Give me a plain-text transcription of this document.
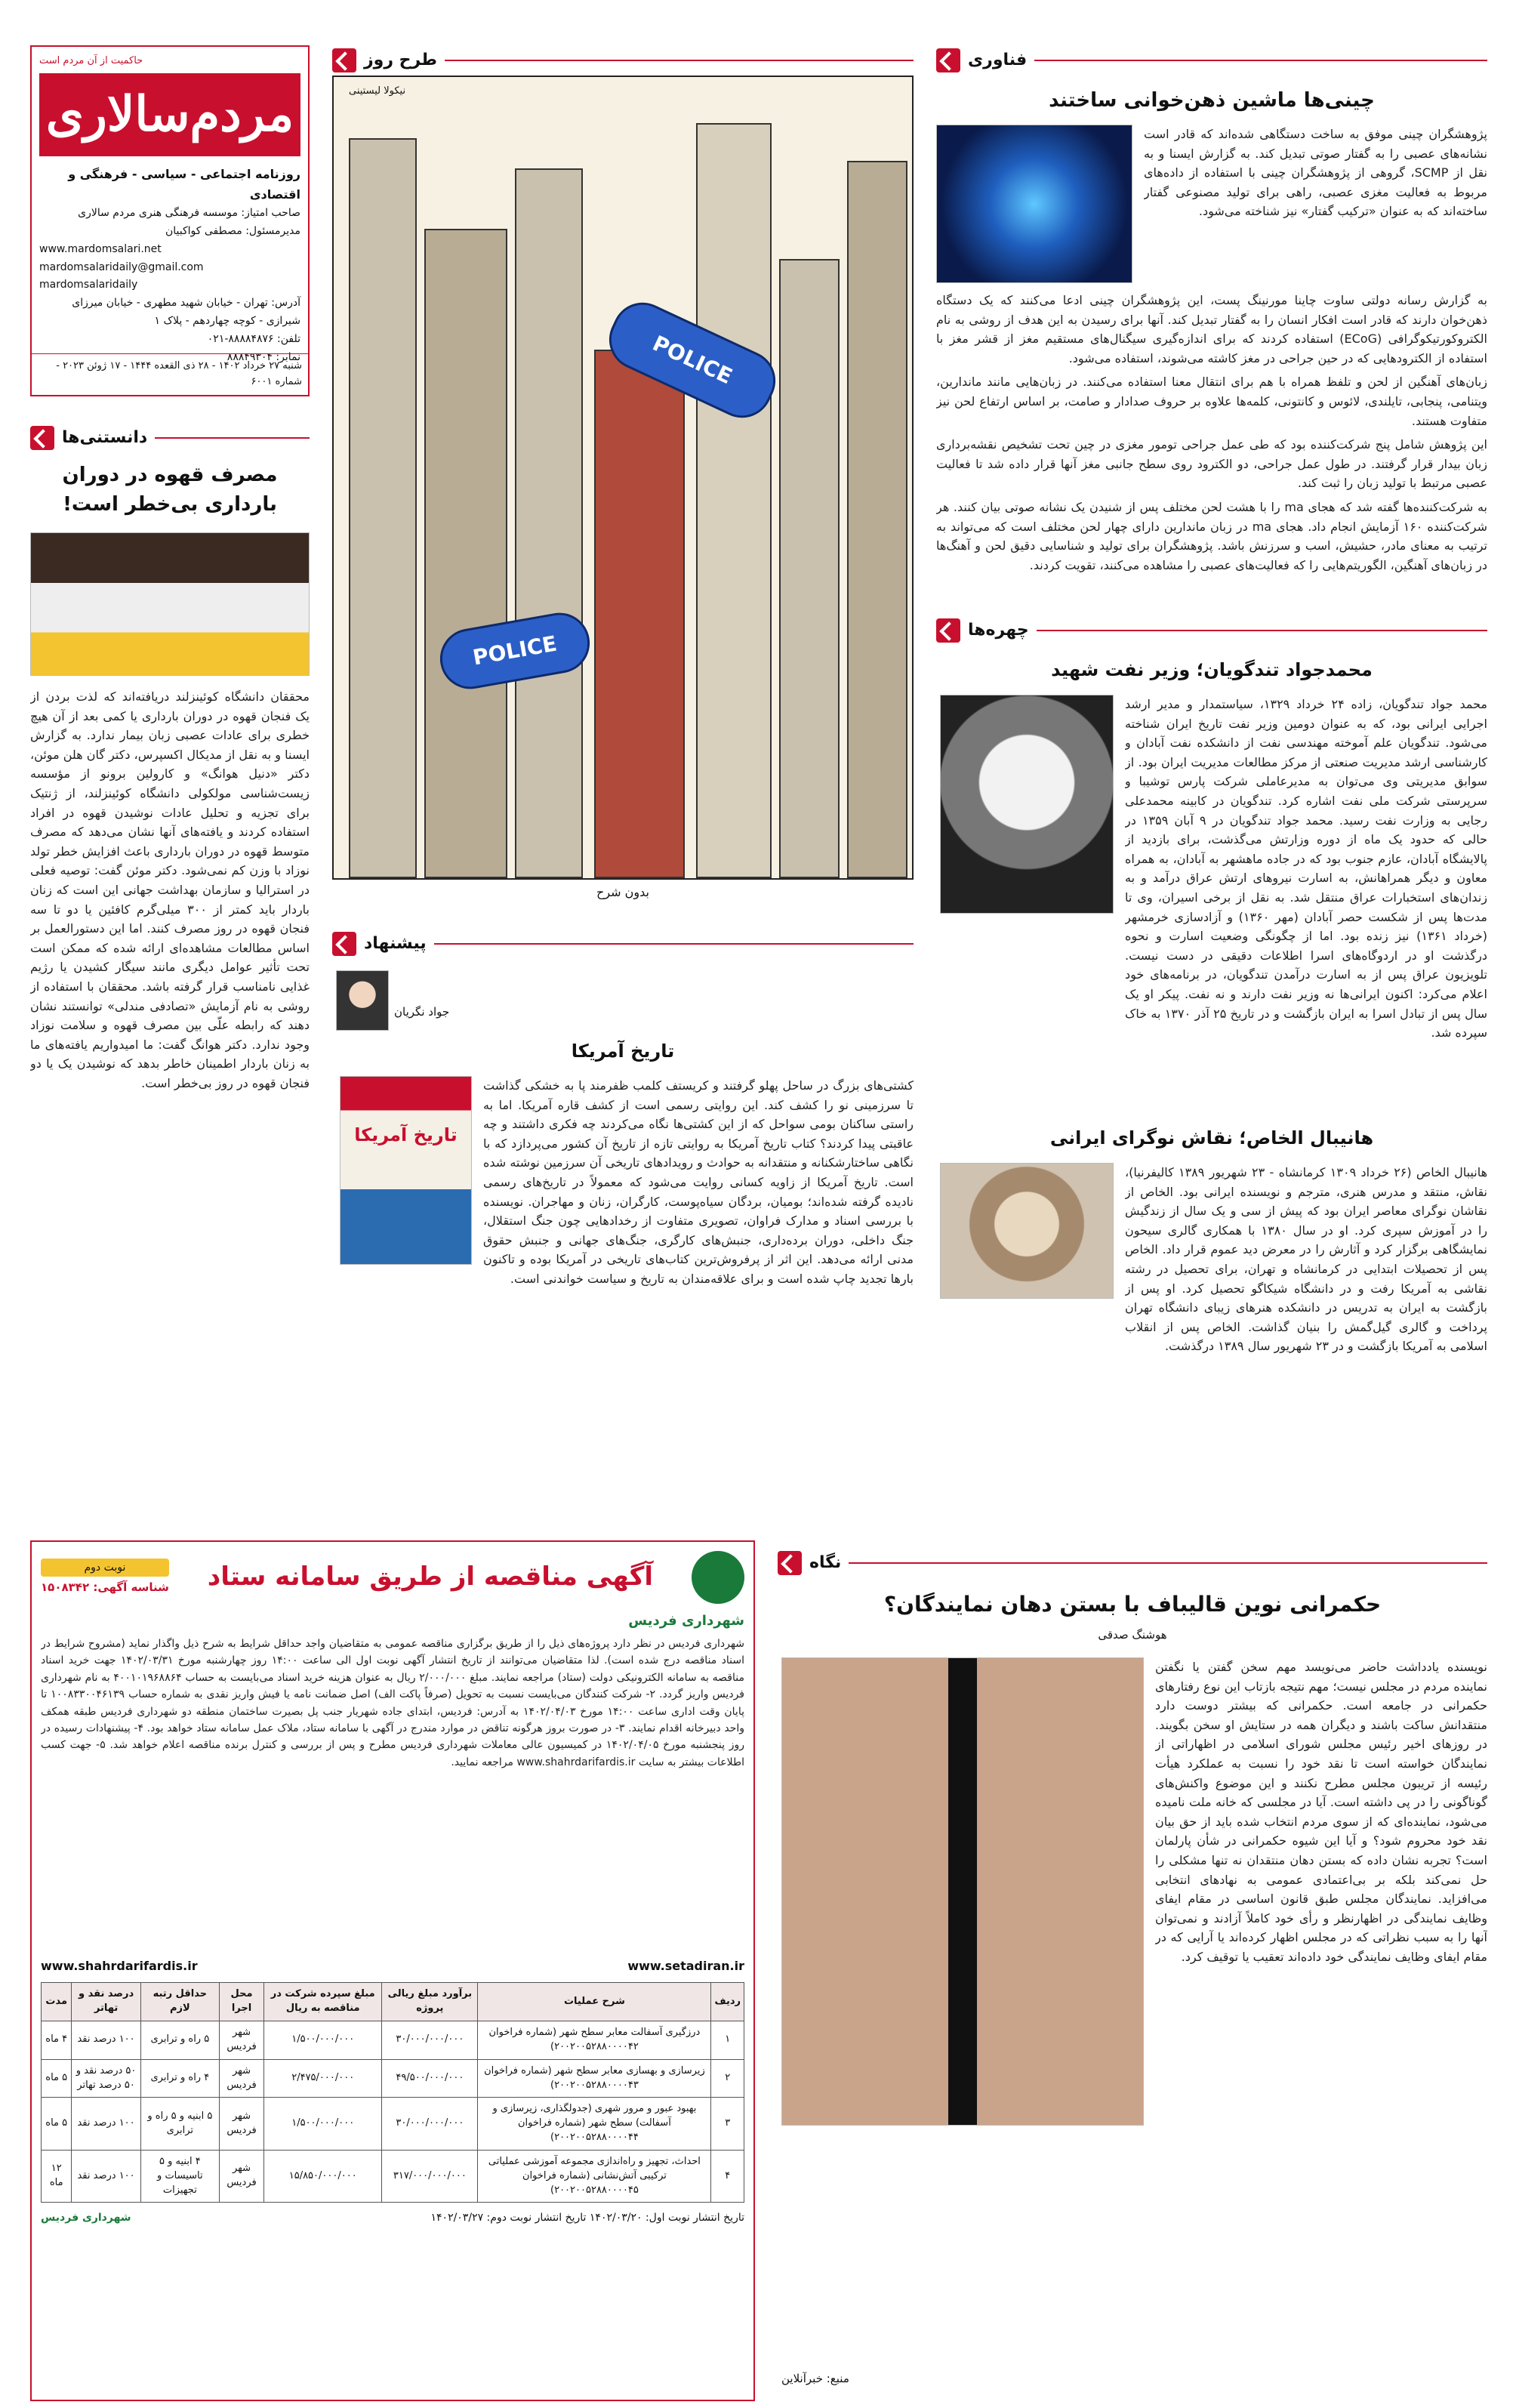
حاکمیت از آن مردم است
مردم‌سالاری
روزنامه اجتماعی - سیاسی - فرهنگی و اقتصادی
صاحب امتیاز: موسسه فرهنگی هنری مردم سالاری
مدیرمسئول: مصطفی کواکبیان
www.mardomsalari.net
mardomsalaridaily@gmail.com
mardomsalaridaily
آدرس: تهران - خیابان شهید مطهری - خیابان میرزای شیرازی - کوچه چهاردهم - پلاک ۱
تلفن: ۸۸۸۸۴۸۷۶-۰۲۱
نمابر: ۸۸۸۴۹۳۰۴
شنبه ۲۷ خرداد ۱۴۰۲ - ۲۸ ذی القعده ۱۴۴۴ - ۱۷ ژوئن ۲۰۲۳ - شماره ۶۰۰۱
دانستنی‌ها
مصرف قهوه در دوران بارداری بی‌خطر است!
محققان دانشگاه کوئینزلند دریافته‌اند که لذت بردن از یک فنجان قهوه در دوران بارداری یا کمی بعد از آن هیچ خطری برای عادات عصبی زبان بیمار ندارد. به گزارش ایسنا و به نقل از مدیکال اکسپرس، دکتر گان هلن موئن، دکتر «دنیل هوانگ» و کارولین برونو از مؤسسه زیست‌شناسی مولکولی دانشگاه کوئینزلند، از ژنتیک برای تجزیه و تحلیل عادات نوشیدن قهوه در افراد استفاده کردند و یافته‌های آنها نشان می‌دهد که مصرف متوسط قهوه در دوران بارداری باعث افزایش خطر تولد نوزاد با وزن کم نمی‌شود. دکتر موئن گفت: توصیه فعلی در استرالیا و سازمان بهداشت جهانی این است که زنان باردار باید کمتر از ۳۰۰ میلی‌گرم کافئین یا دو تا سه فنجان قهوه در روز مصرف کنند. اما این دستورالعمل بر اساس مطالعات مشاهده‌ای ارائه شده که ممکن است تحت تأثیر عوامل دیگری مانند سیگار کشیدن یا رژیم غذایی نامناسب قرار گرفته باشد. محققان با استفاده از روشی به نام آزمایش «تصادفی مندلی» توانستند نشان دهند که رابطه علّی بین مصرف قهوه و سلامت نوزاد وجود ندارد. دکتر هوانگ گفت: ما امیدواریم یافته‌های ما به زنان باردار اطمینان خاطر بدهد که نوشیدن یک یا دو فنجان قهوه در روز بی‌خطر است.
طرح روز
نیکولا لیستینی
POLICE
POLICE
بدون شرح
پیشنهاد
جواد نگریان
تاریخ آمریکا
تاریخ آمریکا
کشتی‌های بزرگ در ساحل پهلو گرفتند و کریستف کلمب ظفرمند پا به خشکی گذاشت تا سرزمینی نو را کشف کند. این روایتی رسمی است از کشف قاره آمریکا. اما به راستی ساکنان بومی سواحل که از این کشتی‌ها نگاه می‌کردند چه فکری داشتند و چه عاقبتی پیدا کردند؟ کتاب تاریخ آمریکا به روایتی تازه از تاریخ آن کشور می‌پردازد که با نگاهی ساختارشکنانه و منتقدانه به حوادث و رویدادهای تاریخی آن سرزمین نوشته شده است. تاریخ آمریکا از زاویه کسانی روایت می‌شود که معمولاً در تاریخ‌های رسمی نادیده گرفته شده‌اند؛ بومیان، بردگان سیاه‌پوست، کارگران، زنان و مهاجران. نویسنده با بررسی اسناد و مدارک فراوان، تصویری متفاوت از رخدادهایی چون جنگ استقلال، جنگ داخلی، دوران برده‌داری، جنبش‌های کارگری، جنگ‌های جهانی و جنبش حقوق مدنی ارائه می‌دهد. این اثر از پرفروش‌ترین کتاب‌های تاریخی در آمریکا بوده و تاکنون بارها تجدید چاپ شده است و برای علاقه‌مندان به تاریخ و سیاست خواندنی است.
فناوری
چینی‌ها ماشین ذهن‌خوانی ساختند
پژوهشگران چینی موفق به ساخت دستگاهی شده‌اند که قادر است نشانه‌های عصبی را به گفتار صوتی تبدیل کند. به گزارش ایسنا و به نقل از SCMP، گروهی از پژوهشگران چینی با استفاده از داده‌های مربوط به فعالیت مغزی عصبی، راهی برای تولید مصنوعی گفتار ساخته‌اند که به عنوان «ترکیب گفتار» نیز شناخته می‌شود.

به گزارش رسانه دولتی ساوت چاینا مورنینگ پست، این پژوهشگران چینی ادعا می‌کنند که یک دستگاه ذهن‌خوان دارند که قادر است افکار انسان را به گفتار تبدیل کند. آنها برای رسیدن به این هدف از روشی به نام الکتروکورتیکوگرافی (ECoG) استفاده کردند که برای اندازه‌گیری سیگنال‌های مستقیم مغز از قشر مغز با استفاده از الکترودهایی که در حین جراحی در مغز کاشته می‌شوند، استفاده می‌شود.

زبان‌های آهنگین از لحن و تلفظ همراه با هم برای انتقال معنا استفاده می‌کنند. در زبان‌هایی مانند ماندارین، ویتنامی، پنجابی، تایلندی، لائوس و کانتونی، کلمه‌ها علاوه بر حروف صدادار و صامت، بر اساس ارتفاع لحن نیز متفاوت هستند.

این پژوهش شامل پنج شرکت‌کننده بود که طی عمل جراحی تومور مغزی در چین تحت تشخیص نقشه‌برداری زبان بیدار قرار گرفتند. در طول عمل جراحی، دو الکترود روی سطح جانبی مغز آنها قرار داده شد تا فعالیت عصبی مرتبط با تولید زبان را ثبت کند.

به شرکت‌کننده‌ها گفته شد که هجای ma را با هشت لحن مختلف پس از شنیدن یک نشانه صوتی بیان کنند. هر شرکت‌کننده ۱۶۰ آزمایش انجام داد. هجای ma در زبان ماندارین دارای چهار لحن مختلف است که می‌تواند به ترتیب به معنای مادر، حشیش، اسب و سرزنش باشد. پژوهشگران برای تولید و شناسایی دقیق لحن و آهنگ‌ها در زبان‌های آهنگین، الگوریتم‌هایی را که فعالیت‌های عصبی را مشاهده می‌کنند، تقویت کردند.

چهره‌ها
محمدجواد تندگویان؛ وزیر نفت شهید
محمد جواد تندگویان، زاده ۲۴ خرداد ۱۳۲۹، سیاستمدار و مدیر ارشد اجرایی ایرانی بود، که به عنوان دومین وزیر نفت تاریخ ایران شناخته می‌شود. تندگویان علم آموخته مهندسی نفت از دانشکده نفت آبادان و کارشناسی ارشد مدیریت صنعتی از مرکز مطالعات مدیریت ایران بود. از سوابق مدیریتی وی می‌توان به مدیرعاملی شرکت پارس توشیبا و سرپرستی شرکت ملی نفت اشاره کرد. تندگویان در کابینه محمدعلی رجایی به وزارت نفت رسید. محمد جواد تندگویان در ۹ آبان ۱۳۵۹ در حالی که حدود یک ماه از دوره وزارتش می‌گذشت، برای بازدید از پالایشگاه آبادان، عازم جنوب بود که در جاده ماهشهر به آبادان، به همراه معاون و دیگر همراهانش، به اسارت نیروهای ارتش عراق درآمد و به زندان‌های استخبارات عراق منتقل شد. به نقل از برخی اسیران، وی تا مدت‌ها پس از شکست حصر آبادان (مهر ۱۳۶۰) و آزادسازی خرمشهر (خرداد ۱۳۶۱) نیز زنده بود. اما از چگونگی وضعیت اسارت و نحوه درگذشت او در اردوگاه‌های اسرا اطلاعات دقیقی در دست نیست. تلویزیون عراق پس از به اسارت درآمدن تندگویان، در برنامه‌های خود اعلام می‌کرد: اکنون ایرانی‌ها نه وزیر نفت دارند و نه نفت. پیکر او یک سال پس از تبادل اسرا به ایران بازگشت و در تاریخ ۲۵ آذر ۱۳۷۰ به خاک سپرده شد.
هانیبال الخاص؛ نقاش نوگرای ایرانی
هانیبال الخاص (۲۶ خرداد ۱۳۰۹ کرمانشاه - ۲۳ شهریور ۱۳۸۹ کالیفرنیا)، نقاش، منتقد و مدرس هنری، مترجم و نویسنده ایرانی بود. الخاص از نقاشان نوگرای معاصر ایران بود که پیش از سی و یک سال از زندگیش را در آموزش سپری کرد. او در سال ۱۳۸۰ با همکاری گالری سیحون نمایشگاهی برگزار کرد و آثارش را در معرض دید عموم قرار داد. الخاص پس از تحصیلات ابتدایی در کرمانشاه و تهران، برای تحصیل در رشته نقاشی به آمریکا رفت و در دانشگاه شیکاگو تحصیل کرد. او پس از بازگشت به ایران به تدریس در دانشکده هنرهای زیبای دانشگاه تهران پرداخت و گالری گیل‌گمش را بنیان گذاشت. الخاص پس از انقلاب اسلامی به آمریکا بازگشت و در ۲۳ شهریور سال ۱۳۸۹ درگذشت.
نگاه
حکمرانی نوین قالیباف با بستن دهان نمایندگان؟
هوشنگ صدقی
نویسنده یادداشت حاضر می‌نویسد مهم سخن گفتن یا نگفتن نماینده مردم در مجلس نیست؛ مهم نتیجه بازتاب این نوع رفتارهای حکمرانی در جامعه است. حکمرانی که بیشتر دوست دارد منتقدانش ساکت باشند و دیگران همه در ستایش او سخن بگویند. در روزهای اخیر رئیس مجلس شورای اسلامی در اظهاراتی از نمایندگان خواسته است تا نقد خود را نسبت به عملکرد هیأت رئیسه از تریبون مجلس مطرح نکنند و این موضوع واکنش‌های گوناگونی را در پی داشته است. آیا در مجلسی که خانه ملت نامیده می‌شود، نماینده‌ای که از سوی مردم انتخاب شده باید از حق بیان نقد خود محروم شود؟ و آیا این شیوه حکمرانی در شأن پارلمان است؟ تجربه نشان داده که بستن دهان منتقدان نه تنها مشکلی را حل نمی‌کند بلکه بر بی‌اعتمادی عمومی به نهادهای انتخابی می‌افزاید. نمایندگان مجلس طبق قانون اساسی در مقام ایفای وظایف نمایندگی در اظهارنظر و رأی خود کاملاً آزادند و نمی‌توان آنها را به سبب نظراتی که در مجلس اظهار کرده‌اند یا آرایی که در مقام ایفای وظایف نمایندگی خود داده‌اند تعقیب یا توقیف کرد.
منبع: خبرآنلاین
آگهی مناقصه از طریق سامانه ستاد
نوبت دوم
شناسه آگهی: ۱۵۰۸۳۴۲
شهرداری فردیس
شهرداری فردیس در نظر دارد پروژه‌های ذیل را از طریق برگزاری مناقصه عمومی به متقاضیان واجد حداقل شرایط به شرح ذیل واگذار نماید (مشروح شرایط در اسناد مناقصه درج شده است). لذا متقاضیان می‌توانند از تاریخ انتشار آگهی نوبت اول الی ساعت ۱۴:۰۰ روز چهارشنبه مورخ ۱۴۰۲/۰۳/۳۱ جهت خرید اسناد مناقصه به سامانه الکترونیکی دولت (ستاد) مراجعه نمایند. مبلغ ۲/۰۰۰/۰۰۰ ریال به عنوان هزینه خرید اسناد می‌بایست به حساب ۴۰۰۱۰۱۹۶۸۸۶۴ به نام شهرداری فردیس واریز گردد. ۲- شرکت کنندگان می‌بایست نسبت به تحویل (صرفاً پاکت الف) اصل ضمانت نامه یا فیش واریز نقدی به شماره حساب ۱۰۰۸۳۳۰۰۴۶۱۳۹ تا پایان وقت اداری ساعت ۱۴:۰۰ مورخ ۱۴۰۲/۰۴/۰۳ به آدرس: فردیس، ابتدای جاده شهریار جنب پل بصیرت ساختمان منطقه دو شهرداری فردیس طبقه همکف واحد دبیرخانه اقدام نمایند. ۳- در صورت بروز هرگونه تناقض در موارد مندرج در آگهی با سامانه ستاد، ملاک عمل سامانه ستاد خواهد بود. ۴- پیشنهادات رسیده در روز پنجشنبه مورخ ۱۴۰۲/۰۴/۰۵ در کمیسیون عالی معاملات شهرداری فردیس مطرح و پس از بررسی و کنترل برنده مناقصه اعلام خواهد شد. ۵- جهت کسب اطلاعات بیشتر به سایت www.shahrdarifardis.ir مراجعه نمایید.
www.setadiran.ir
www.shahrdarifardis.ir
ردیف	شرح عملیات	برآورد مبلغ ریالی پروژه	مبلغ سپرده شرکت در مناقصه به ریال	محل اجرا	حداقل رتبه لازم	درصد نقد و تهاتر	مدت
۱	درزگیری آسفالت معابر سطح شهر (شماره فراخوان ۲۰۰۲۰۰۵۲۸۸۰۰۰۰۴۲)	۳۰/۰۰۰/۰۰۰/۰۰۰	۱/۵۰۰/۰۰۰/۰۰۰	شهر فردیس	۵ راه و ترابری	۱۰۰ درصد نقد	۴ ماه
۲	زیرسازی و بهسازی معابر سطح شهر (شماره فراخوان ۲۰۰۲۰۰۵۲۸۸۰۰۰۰۴۳)	۴۹/۵۰۰/۰۰۰/۰۰۰	۲/۴۷۵/۰۰۰/۰۰۰	شهر فردیس	۴ راه و ترابری	۵۰ درصد نقد و ۵۰ درصد تهاتر	۵ ماه
۳	بهبود عبور و مرور شهری (جدولگذاری، زیرسازی و آسفالت) سطح شهر (شماره فراخوان ۲۰۰۲۰۰۵۲۸۸۰۰۰۰۴۴)	۳۰/۰۰۰/۰۰۰/۰۰۰	۱/۵۰۰/۰۰۰/۰۰۰	شهر فردیس	۵ ابنیه و ۵ راه و ترابری	۱۰۰ درصد نقد	۵ ماه
۴	احداث، تجهیز و راه‌اندازی مجموعه آموزشی عملیاتی ترکیبی آتش‌نشانی (شماره فراخوان ۲۰۰۲۰۰۵۲۸۸۰۰۰۰۴۵)	۳۱۷/۰۰۰/۰۰۰/۰۰۰	۱۵/۸۵۰/۰۰۰/۰۰۰	شهر فردیس	۴ ابنیه و ۵ تاسیسات و تجهیزات	۱۰۰ درصد نقد	۱۲ ماه
تاریخ انتشار نوبت اول: ۱۴۰۲/۰۳/۲۰ تاریخ انتشار نوبت دوم: ۱۴۰۲/۰۳/۲۷
شهرداری فردیس
